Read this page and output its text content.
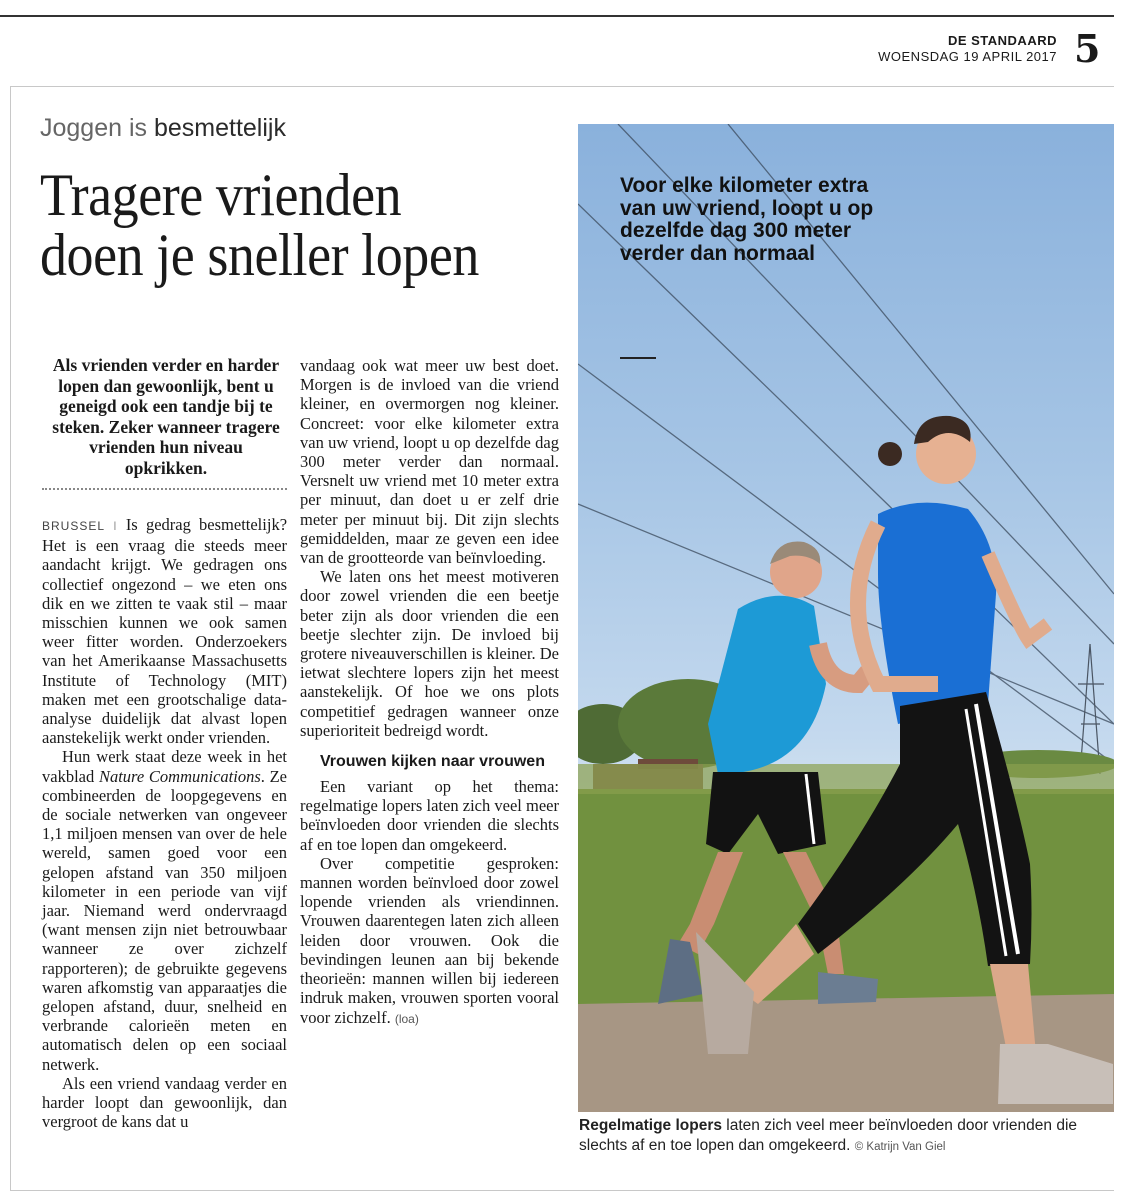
DE STANDAARD
WOENSDAG 19 APRIL 2017 5
Joggen is besmettelijk
Tragere vrienden
doen je sneller lopen
Als vrienden verder en harder lopen dan gewoonlijk, bent u geneigd ook een tandje bij te steken. Zeker wanneer tragere vrienden hun niveau opkrikken.

BRUSSEL I Is gedrag besmettelijk? Het is een vraag die steeds meer aandacht krijgt. We gedragen ons collectief ongezond – we eten ons dik en we zitten te vaak stil – maar misschien kunnen we ook samen weer fitter worden. Onderzoekers van het Amerikaanse Massachusetts Institute of Technology (MIT) maken met een grootschalige data-analyse duidelijk dat alvast lopen aanstekelijk werkt onder vrienden.

Hun werk staat deze week in het vakblad Nature Communications. Ze combineerden de loopgegevens en de sociale netwerken van ongeveer 1,1 miljoen mensen van over de hele wereld, samen goed voor een gelopen afstand van 350 miljoen kilometer in een periode van vijf jaar. Niemand werd ondervraagd (want mensen zijn niet betrouwbaar wanneer ze over zichzelf rapporteren); de gebruikte gegevens waren afkomstig van apparaatjes die gelopen afstand, duur, snelheid en verbrande calorieën meten en automatisch delen op een sociaal netwerk.

Als een vriend vandaag verder en harder loopt dan gewoonlijk, dan vergroot de kans dat u

vandaag ook wat meer uw best doet. Morgen is de invloed van die vriend kleiner, en overmorgen nog kleiner. Concreet: voor elke kilometer extra van uw vriend, loopt u op dezelfde dag 300 meter verder dan normaal. Versnelt uw vriend met 10 meter extra per minuut, dan doet u er zelf drie meter per minuut bij. Dit zijn slechts gemiddelden, maar ze geven een idee van de grootteorde van beïnvloeding.

We laten ons het meest motiveren door zowel vrienden die een beetje beter zijn als door vrienden die een beetje slechter zijn. De invloed bij grotere niveauverschillen is kleiner. De ietwat slechtere lopers zijn het meest aanstekelijk. Of hoe we ons plots competitief gedragen wanneer onze superioriteit bedreigd wordt.

Vrouwen kijken naar vrouwen

Een variant op het thema: regelmatige lopers laten zich veel meer beïnvloeden door vrienden die slechts af en toe lopen dan omgekeerd.

Over competitie gesproken: mannen worden beïnvloed door zowel lopende vrienden als vriendinnen. Vrouwen daarentegen laten zich alleen leiden door vrouwen. Ook die bevindingen leunen aan bij bekende theorieën: mannen willen bij iedereen indruk maken, vrouwen sporten vooral voor zichzelf. (loa)

Voor elke kilometer extra van uw vriend, loopt u op dezelfde dag 300 meter verder dan normaal
Regelmatige lopers laten zich veel meer beïnvloeden door vrienden die slechts af en toe lopen dan omgekeerd. © Katrijn Van Giel
